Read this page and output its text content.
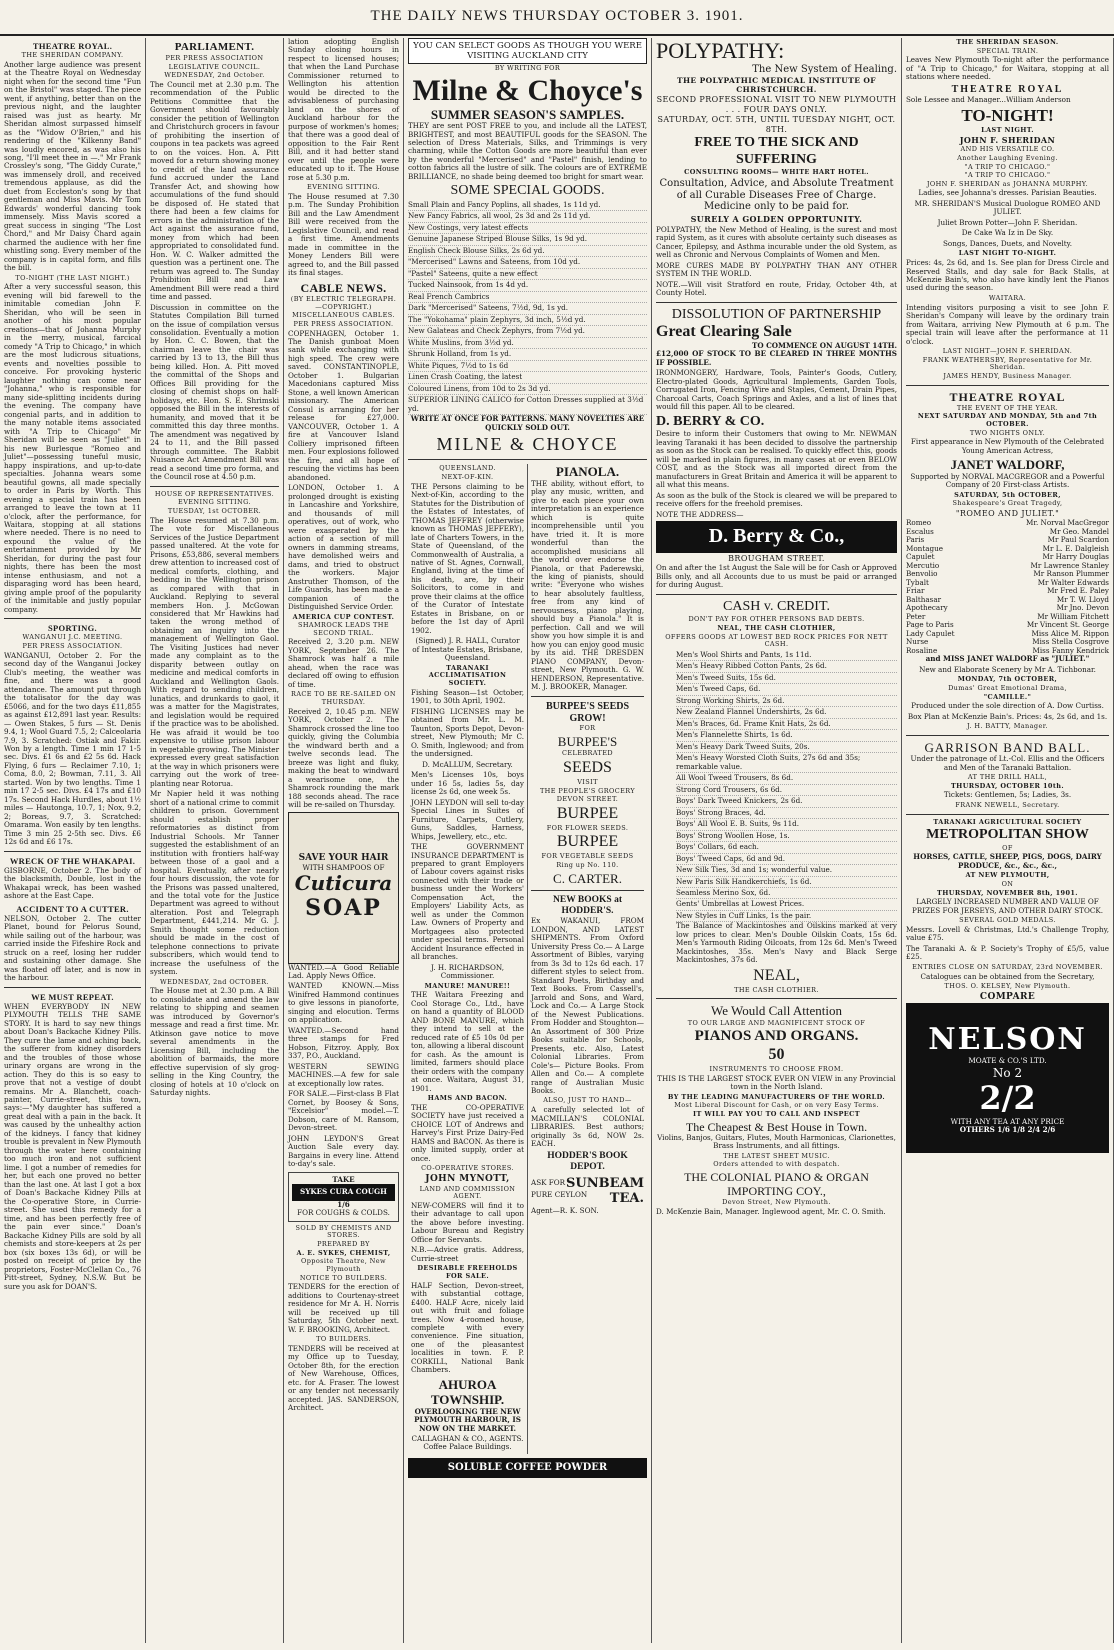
THE DAILY NEWS THURSDAY OCTOBER 3. 1901.
THEATRE ROYAL.
THE SHERIDAN COMPANY.

Another large audience was present at the Theatre Royal on Wednesday night when for the second time "Fun on the Bristol" was staged. The piece went, if anything, better than on the previous night, and the laughter raised was just as hearty. Mr Sheridan almost surpassed himself as the "Widow O'Brien," and his rendering of the "Kilkenny Band" was loudly encored, as was also his song, "I'll meet thee in —." Mr Frank Crossley's song, "The Giddy Curate," was immensely droll, and received tremendous applause, as did the duet from Eccleston's song by that gentleman and Miss Mavis. Mr Tom Edwards' wonderful dancing took immensely. Miss Mavis scored a great success in singing "The Lost Chord," and Mr Daisy Chard again charmed the audience with her fine whistling song. Every member of the company is in capital form, and fills the bill.

TO-NIGHT (THE LAST NIGHT.)

After a very successful season, this evening will bid farewell to the inimitable comedian John F. Sheridan, who will be seen in another of his most popular creations—that of Johanna Murphy in the merry, musical, farcical comedy "A Trip to Chicago," in which are the most ludicrous situations, events and novelties possible to conceive. For provoking hysteric laughter nothing can come near "Johanna," who is responsible for many side-splitting incidents during the evening. The company have congenial parts, and in addition to the many notable items associated with "A Trip to Chicago" Mr Sheridan will be seen as "Juliet" in his new Burlesque "Romeo and Juliet"—possessing tuneful music, happy inspirations, and up-to-date specialties. Johanna wears some beautiful gowns, all made specially to order in Paris by Worth. This evening a special train has been arranged to leave the town at 11 o'clock, after the performance, for Waitara, stopping at all stations where needed. There is no need to expound the value of the entertainment provided by Mr Sheridan, for during the past four nights, there has been the most intense enthusiasm, and not a disparaging word has been heard, giving ample proof of the popularity of the inimitable and justly popular company.

SPORTING.
WANGANUI J.C. MEETING.
PER PRESS ASSOCIATION.

WANGANUI, October 2. For the second day of the Wanganui Jockey Club's meeting, the weather was fine, and there was a good attendance. The amount put through the totalisator for the day was £5066, and for the two days £11,855 as against £12,891 last year. Results:— Owen Stakes, 5 furs — St. Denis 9.4, 1; Wool Guard 7.5, 2; Calceolaria 7.9, 3. Scratched: Ostiak and Fakir. Won by a length. Time 1 min 17 1-5 sec. Divs. £1 6s and £2 5s 6d. Hack Flying, 6 furs — Reclaimer 7.10, 1; Coma, 8.0, 2; Bowman, 7.11, 3. All started. Won by two lengths. Time 1 min 17 2-5 sec. Divs. £4 17s and £10 17s. Second Hack Hurdles, about 1½ miles — Hautonga, 10.7, 1; Nox, 9.2, 2; Boreas, 9.7, 3. Scratched: Omarama. Won easily by ten lengths. Time 3 min 25 2-5th sec. Divs. £6 12s 6d and £6 17s.

WRECK OF THE WHAKAPAI.

GISBORNE, October 2. The body of the blacksmith, Double, lost in the Whakapai wreck, has been washed ashore at the East Cape.

ACCIDENT TO A CUTTER.

NELSON, October 2. The cutter Planet, bound for Pelorus Sound, while sailing out of the harbour, was carried inside the Fifeshire Rock and struck on a reef, losing her rudder and sustaining other damage. She was floated off later, and is now in the harbour.

WE MUST REPEAT.

WHEN EVERYBODY IN NEW PLYMOUTH TELLS THE SAME STORY. It is hard to say new things about Doan's Backache Kidney Pills. They cure the lame and aching back, the sufferer from kidney disorders and the troubles of those whose urinary organs are wrong in the action. They do this is so easy to prove that not a vestige of doubt remains. Mr A. Blanchett, coach-painter, Currie-street, this town, says:—"My daughter has suffered a great deal with a pain in the back. It was caused by the unhealthy action of the kidneys. I fancy that kidney trouble is prevalent in New Plymouth through the water here containing too much iron and not sufficient lime. I got a number of remedies for her, but each one proved no better than the last one. At last I got a box of Doan's Backache Kidney Pills at the Co-operative Store, in Currie-street. She used this remedy for a time, and has been perfectly free of the pain ever since." Doan's Backache Kidney Pills are sold by all chemists and store-keepers at 2s per box (six boxes 13s 6d), or will be posted on receipt of price by the proprietors, Foster-McClellan Co., 76 Pitt-street, Sydney, N.S.W. But be sure you ask for DOAN'S.

PARLIAMENT.
PER PRESS ASSOCIATION
LEGISLATIVE COUNCIL.
WEDNESDAY, 2nd October.

The Council met at 2.30 p.m. The recommendation of the Public Petitions Committee that the Government should favourably consider the petition of Wellington and Christchurch grocers in favour of prohibiting the insertion of coupons in tea packets was agreed to on the voices. Hon. A. Pitt moved for a return showing money to credit of the land assurance fund accrued under the Land Transfer Act, and showing how accumulations of the fund should be disposed of. He stated that there had been a few claims for errors in the administration of the Act against the assurance fund, money from which had been appropriated to consolidated fund. Hon. W. C. Walker admitted the question was a pertinent one. The return was agreed to. The Sunday Prohibition Bill and Law Amendment Bill were read a third time and passed.

Discussion in committee on the Statutes Compilation Bill turned on the issue of compilation versus consolidation. Eventually a motion by Hon. C. C. Bowen, that the chairman leave the chair was carried by 13 to 13, the Bill thus being killed. Hon. A. Pitt moved the committal of the Shops and Offices Bill providing for the closing of chemist shops on half-holidays, etc. Hon. S. E. Shrimski opposed the Bill in the interests of humanity, and moved that it be committed this day three months. The amendment was negatived by 24 to 11, and the Bill passed through committee. The Rabbit Nuisance Act Amendment Bill was read a second time pro forma, and the Council rose at 4.50 p.m.

HOUSE OF REPRESENTATIVES.
EVENING SITTING.
TUESDAY, 1st OCTOBER.

The House resumed at 7.30 p.m. The vote for Miscellaneous Services of the Justice Department passed unaltered. At the vote for Prisons, £53,886, several members drew attention to increased cost of medical comforts, clothing, and bedding in the Wellington prison as compared with that in Auckland. Replying to several members Hon. J. McGowan considered that Mr Hawkins had taken the wrong method of obtaining an inquiry into the management of Wellington Gaol. The Visiting Justices had never made any complaint as to the disparity between outlay on medicine and medical comforts in Auckland and Wellington Gaols. With regard to sending children, lunatics, and drunkards to gaol, it was a matter for the Magistrates, and legislation would be required if the practice was to be abolished. He was afraid it would be too expensive to utilise prison labour in vegetable growing. The Minister expressed every great satisfaction at the way in which prisoners were carrying out the work of tree-planting near Rotorua.

Mr Napier held it was nothing short of a national crime to commit children to prison. Government should establish proper reformatories as distinct from Industrial Schools. Mr Tanner suggested the establishment of an institution with frontiers half-way between those of a gaol and a hospital. Eventually, after nearly four hours discussion, the vote for the Prisons was passed unaltered, and the total vote for the Justice Department was agreed to without alteration. Post and Telegraph Department, £441,214. Mr G. J. Smith thought some reduction should be made in the cost of telephone connections to private subscribers, which would tend to increase the usefulness of the system.

WEDNESDAY, 2nd OCTOBER.

The House met at 2.30 p.m. A Bill to consolidate and amend the law relating to shipping and seamen was introduced by Governor's message and read a first time. Mr. Atkinson gave notice to move several amendments in the Licensing Bill, including the abolition of barmaids, the more effective supervision of sly grog-selling in the King Country, the closing of hotels at 10 o'clock on Saturday nights.

lation adopting English Sunday closing hours in respect to licensed houses; that when the Land Purchase Commissioner returned to Wellington his attention would be directed to the advisableness of purchasing land on the shores of Auckland harbour for the purpose of workmen's homes; that there was a good deal of opposition to the Fair Rent Bill, and it had better stand over until the people were educated up to it. The House rose at 5.30 p.m.

EVENING SITTING.

The House resumed at 7.30 p.m. The Sunday Prohibition Bill and the Law Amendment Bill were received from the Legislative Council, and read a first time. Amendments made in committee in the Money Lenders Bill were agreed to, and the Bill passed its final stages.

CABLE NEWS.
(BY ELECTRIC TELEGRAPH.—COPYRIGHT.)
MISCELLANEOUS CABLES.
PER PRESS ASSOCIATION.

COPENHAGEN, October 1. The Danish gunboat Moen sank while exchanging with high speed. The crew were saved. CONSTANTINOPLE, October 1. Bulgarian Macedonians captured Miss Stone, a well known American missionary. The American Consul is arranging for her release for £27,000. VANCOUVER, October 1. A fire at Vancouver Island Colliery imprisoned fifteen men. Four explosions followed the fire, and all hope of rescuing the victims has been abandoned.

LONDON, October 1. A prolonged drought is existing in Lancashire and Yorkshire, and thousands of mill operatives, out of work, who were exasperated by the action of a section of mill owners in damming streams, have demolished weirs and dams, and tried to obstruct the workers. Major Anstruther Thomson, of the Life Guards, has been made a companion of the Distinguished Service Order.

AMERICA CUP CONTEST.
SHAMROCK LEADS THE SECOND TRIAL.

Received 2, 3.20 p.m. NEW YORK, September 26. The Shamrock was half a mile ahead, when the race was declared off owing to effusion of time.

RACE TO BE RE-SAILED ON THURSDAY.

Received 2, 10.45 p.m. NEW YORK, October 2. The Shamrock crossed the line too quickly, giving the Columbia the windward berth and a twelve seconds lead. The breeze was light and fluky, making the beat to windward a wearisome one, the Shamrock rounding the mark 188 seconds ahead. The race will be re-sailed on Thursday.

SAVE YOUR HAIR
WITH SHAMPOOS OF
Cuticura
SOAP

WANTED.—A Good Reliable Lad. Apply News Office.

WANTED KNOWN.—Miss Winifred Hammond continues to give lessons in pianoforte, singing and elocution. Terms on application.

WANTED.—Second hand three stamps for Fred Hobson, Fitzroy. Apply, Box 337, P.O., Auckland.

WESTERN SEWING MACHINES.—A few for sale at exceptionally low rates.

FOR SALE.—First-class B Flat Cornet, by Boosey & Sons, "Excelsior" model.—T. Dobson, care of M. Ransom, Devon-street.

JOHN LEYDON'S Great Auction Sale every day. Bargains in every line. Attend to-day's sale.

TAKE
SYKES CURA COUGH
1/6
FOR COUGHS & COLDS.
SOLD BY CHEMISTS AND STORES.
PREPARED BY
A. E. SYKES, CHEMIST,
Opposite Theatre, New Plymouth
NOTICE TO BUILDERS.

TENDERS for the erection of additions to Courtenay-street residence for Mr A. H. Norris will be received up till Saturday, 5th October next. W. F. BROOKING, Architect.

TO BUILDERS.

TENDERS will be received at my Office up to Tuesday, October 8th, for the erection of New Warehouse, Offices, etc. for A. Fraser. The lowest or any tender not necessarily accepted. JAS. SANDERSON, Architect.

YOU CAN SELECT GOODS AS THOUGH YOU WERE VISITING AUCKLAND CITY
BY WRITING FOR
Milne & Choyce's
SUMMER SEASON'S SAMPLES.

THEY are sent POST FREE to you, and include all the LATEST, BRIGHTEST, and most BEAUTIFUL goods for the SEASON. The selection of Dress Materials, Silks, and Trimmings is very charming, while the Cotton Goods are more beautiful than ever by the wonderful "Mercerised" and "Pastel" finish, lending to cotton fabrics all the lustre of silk. The colours are of EXTREME BRILLIANCE, no shade being deemed too bright for smart wear.

SOME SPECIAL GOODS.
Small Plain and Fancy Poplins, all shades, 1s 11d yd.
New Fancy Fabrics, all wool, 2s 3d and 2s 11d yd.
New Costings, very latest effects
Genuine Japanese Striped Blouse Silks, 1s 9d yd.
English Check Blouse Silks, 2s 6d yd.
"Mercerised" Lawns and Sateens, from 10d yd.
"Pastel" Sateens, quite a new effect
Tucked Nainsook, from 1s 4d yd.
Real French Cambrics
Dark "Mercerised" Sateens, 7½d, 9d, 1s yd.
The "Yokohama" plain Zephyrs, 3d inch, 5½d yd.
New Galateas and Check Zephyrs, from 7½d yd.
White Muslins, from 3½d yd.
Shrunk Holland, from 1s yd.
White Piques, 7½d to 1s 6d
Linen Crash Coating, the latest
Coloured Linens, from 10d to 2s 3d yd.
SUPERIOR LINING CALICO for Cotton Dresses supplied at 3½d yd.

WRITE AT ONCE FOR PATTERNS. MANY NOVELTIES ARE QUICKLY SOLD OUT.

MILNE & CHOYCE
QUEENSLAND.
NEXT-OF-KIN.

THE Persons claiming to be Next-of-Kin, according to the Statutes for the Distribution of the Estates of Intestates, of THOMAS JEFFREY (otherwise known as THOMAS JEFFERY), late of Charters Towers, in the State of Queensland, of the Commonwealth of Australia, a native of St. Agnes, Cornwall, England, living at the time of his death, are, by their Solicitors, to come in and prove their claims at the office of the Curator of Intestate Estates in Brisbane, on or before the 1st day of April 1902.

(Signed) J. R. HALL, Curator of Intestate Estates, Brisbane, Queensland.

TARANAKI ACCLIMATISATION SOCIETY.

Fishing Season—1st October, 1901, to 30th April, 1902.

FISHING LICENSES may be obtained from Mr. L. M. Taunton, Sports Depot, Devon-street, New Plymouth; Mr C. O. Smith, Inglewood; and from the undersigned.

D. McALLUM, Secretary.

Men's Licenses 10s, boys under 16 5s, ladies 5s, day license 2s 6d, one week 5s.

JOHN LEYDON will sell to-day Special Lines in Suites of Furniture, Carpets, Cutlery, Guns, Saddles, Harness, Whips, Jewellery, etc., etc.

THE GOVERNMENT INSURANCE DEPARTMENT is prepared to grant Employers of Labour covers against risks connected with their trade or business under the Workers' Compensation Act, the Employers' Liability Acts, as well as under the Common Law. Owners of Property and Mortgagees also protected under special terms. Personal Accident Insurance effected in all branches.

J. H. RICHARDSON, Commissioner.

MANURE! MANURE!!

THE Waitara Freezing and Cool Storage Co., Ltd., have on hand a quantity of BLOOD AND BONE MANURE, which they intend to sell at the reduced rate of £5 10s 0d per ton, allowing a liberal discount for cash. As the amount is limited, farmers should place their orders with the company at once. Waitara, August 31, 1901.

HAMS AND BACON.

THE CO-OPERATIVE SOCIETY have just received a CHOICE LOT of Andrews and Harvey's First Prize Dairy-Fed HAMS and BACON. As there is only limited supply, order at once.

CO-OPERATIVE STORES.
JOHN MYNOTT,
LAND AND COMMISSION AGENT.

NEW-COMERS will find it to their advantage to call upon the above before investing. Labour Bureau and Registry Office for Servants.

N.B.—Advice gratis. Address, Currie-street

DESIRABLE FREEHOLDS FOR SALE.

HALF Section, Devon-street, with substantial cottage, £400. HALF Acre, nicely laid out with fruit and foliage trees. Now 4-roomed house, complete with every convenience. Fine situation, one of the pleasantest localities in town. F. P. CORKILL, National Bank Chambers.

AHUROA TOWNSHIP.

OVERLOOKING THE NEW PLYMOUTH HARBOUR, IS NOW ON THE MARKET.

CALLAGHAN & CO., AGENTS. Coffee Palace Buildings.

PIANOLA.

THE ability, without effort, to play any music, written, and give to each piece your own interpretation is an experience which is quite incomprehensible until you have tried it. It is more wonderful than the accomplished musicians all the world over endorse the Pianola, or that Paderewski, the king of pianists, should write: "Everyone who wishes to hear absolutely faultless, free from any kind of nervousness, piano playing, should buy a Pianola." It is perfection. Call and we will show you how simple it is and how you can enjoy good music by its aid. THE DRESDEN PIANO COMPANY, Devon-street, New Plymouth. G. W. HENDERSON, Representative. M. J. BROOKER, Manager.

BURPEE'S SEEDS GROW!
FOR
BURPEE'S
CELEBRATED
SEEDS
VISIT
THE PEOPLE'S GROCERY
DEVON STREET.
BURPEE
FOR FLOWER SEEDS.
BURPEE
FOR VEGETABLE SEEDS
Ring up No. 110.
C. CARTER.
NEW BOOKS at HODDER'S.

Ex WAKANUI, FROM LONDON, AND LATEST SHIPMENTS. From Oxford University Press Co.— A Large Assortment of Bibles, varying from 3s 3d to 12s 6d each. 17 different styles to select from. Standard Poets, Birthday and Text Books. From Cassell's, Jarrold and Sons, and Ward, Lock and Co.— A Large Stock of the Newest Publications. From Hodder and Stoughton— An Assortment of 300 Prize Books suitable for Schools, Presents, etc. Also, Latest Colonial Libraries. From Cole's— Picture Books. From Allen and Co.— A complete range of Australian Music Books.

ALSO, JUST TO HAND—

A carefully selected lot of MACMILLAN'S COLONIAL LIBRARIES. Best authors; originally 3s 6d, NOW 2s. EACH.

HODDER'S BOOK DEPOT.
ASK FOR SUNBEAM
PURE CEYLON TEA.
Agent—R. K. SON.
SOLUBLE COFFEE POWDER
POLYPATHY:
The New System of Healing.
THE POLYPATHIC MEDICAL INSTITUTE OF CHRISTCHURCH.
SECOND PROFESSIONAL VISIT TO NEW PLYMOUTH . . . FOUR DAYS ONLY.
SATURDAY, OCT. 5TH, UNTIL TUESDAY NIGHT, OCT. 8TH.
FREE TO THE SICK AND SUFFERING
CONSULTING ROOMS— WHITE HART HOTEL.

Consultation, Advice, and Absolute Treatment of all Curable Diseases Free of Charge. Medicine only to be paid for.

SURELY A GOLDEN OPPORTUNITY.

POLYPATHY, the New Method of Healing, is the surest and most rapid System, as it cures with absolute certainty such diseases as Cancer, Epilepsy, and Asthma incurable under the old System, as well as Chronic and Nervous Complaints of Women and Men.

MORE CURES MADE BY POLYPATHY THAN ANY OTHER SYSTEM IN THE WORLD.

NOTE.—Will visit Stratford en route, Friday, October 4th, at County Hotel.

DISSOLUTION OF PARTNERSHIP
Great Clearing Sale
TO COMMENCE ON AUGUST 14TH.

£12,000 OF STOCK TO BE CLEARED IN THREE MONTHS IF POSSIBLE.

IRONMONGERY, Hardware, Tools, Painter's Goods, Cutlery, Electro-plated Goods, Agricultural Implements, Garden Tools, Corrugated Iron, Fencing Wire and Staples, Cement, Drain Pipes, Charcoal Carts, Coach Springs and Axles, and a list of lines that would fill this paper. All to be cleared.

D. BERRY & CO.

Desire to inform their Customers that owing to Mr. NEWMAN leaving Taranaki it has been decided to dissolve the partnership as soon as the Stock can be realised. To quickly effect this, goods will be marked in plain figures, in many cases at or even BELOW COST, and as the Stock was all imported direct from the manufacturers in Great Britain and America it will be apparent to all what this means.

As soon as the bulk of the Stock is cleared we will be prepared to receive offers for the freehold premises.

NOTE THE ADDRESS—

D. Berry & Co.,
BROUGHAM STREET.

On and after the 1st August the Sale will be for Cash or Approved Bills only, and all Accounts due to us must be paid or arranged for during August.

CASH v. CREDIT.
DON'T PAY FOR OTHER PERSONS BAD DEBTS.
NEAL, THE CASH CLOTHIER,
OFFERS GOODS AT LOWEST BED ROCK PRICES FOR NETT CASH.
Men's Wool Shirts and Pants, 1s 11d.
Men's Heavy Ribbed Cotton Pants, 2s 6d.
Men's Tweed Suits, 15s 6d.
Men's Tweed Caps, 6d.
Strong Working Shirts, 2s 6d.
New Zealand Flannel Undershirts, 2s 6d.
Men's Braces, 6d. Frame Knit Hats, 2s 6d.
Men's Flannelette Shirts, 1s 6d.
Men's Heavy Dark Tweed Suits, 20s.
Men's Heavy Worsted Cloth Suits, 27s 6d and 35s; remarkable value.
All Wool Tweed Trousers, 8s 6d.
Strong Cord Trousers, 6s 6d.
Boys' Dark Tweed Knickers, 2s 6d.
Boys' Strong Braces, 4d.
Boys' All Wool E. B. Suits, 9s 11d.
Boys' Strong Woollen Hose, 1s.
Boys' Collars, 6d each.
Boys' Tweed Caps, 6d and 9d.
New Silk Ties, 3d and 1s; wonderful value.
New Paris Silk Handkerchiefs, 1s 6d.
Seamless Merino Sox, 6d.
Gents' Umbrellas at Lowest Prices.
New Styles in Cuff Links, 1s the pair.

The Balance of Mackintoshes and Oilskins marked at very low prices to clear. Men's Double Oilskin Coats, 15s 6d. Men's Yarmouth Riding Oilcoats, from 12s 6d. Men's Tweed Mackintoshes, 35s. Men's Navy and Black Serge Mackintoshes, 37s 6d.

NEAL,
THE CASH CLOTHIER.
We Would Call Attention
TO OUR LARGE AND MAGNIFICENT STOCK OF
PIANOS AND ORGANS.
50
INSTRUMENTS TO CHOOSE FROM.

THIS IS THE LARGEST STOCK EVER ON VIEW in any Provincial town in the North Island.

BY THE LEADING MANUFACTURERS OF THE WORLD.
Most Liberal Discount for Cash, or on very Easy Terms.
IT WILL PAY YOU TO CALL AND INSPECT
The Cheapest & Best House in Town.

Violins, Banjos, Guitars, Flutes, Mouth Harmonicas, Clarionettes, Brass Instruments, and all fittings.

THE LATEST SHEET MUSIC.
Orders attended to with despatch.
THE COLONIAL PIANO & ORGAN IMPORTING COY.,
Devon Street, New Plymouth.

D. McKenzie Bain, Manager. Inglewood agent, Mr. C. O. Smith.

THE SHERIDAN SEASON.
SPECIAL TRAIN.

Leaves New Plymouth To-night after the performance of "A Trip to Chicago," for Waitara, stopping at all stations where needed.

THEATRE ROYAL

Sole Lessee and Manager...William Anderson

TO-NIGHT!
LAST NIGHT.
JOHN F. SHERIDAN
AND HIS VERSATILE CO.
Another Laughing Evening.
"A TRIP TO CHICAGO."
"A TRIP TO CHICAGO."
JOHN F. SHERIDAN as JOHANNA MURPHY.

Ladies, see Johanna's dresses. Parisian Beauties.

MR. SHERIDAN'S Musical Duologue ROMEO AND JULIET.

Juliet Brown Potter—John F. Sheridan.

De Cake Wa Iz in De Sky.

Songs, Dances, Duets, and Novelty.

LAST NIGHT TO-NIGHT.

Prices: 4s, 2s 6d, and 1s. See plan for Dress Circle and Reserved Stalls, and day sale for Back Stalls, at McKenzie Bain's, who also have kindly lent the Pianos used during the season.

WAITARA.

Intending visitors purposing a visit to see John F. Sheridan's Company will leave by the ordinary train from Waitara, arriving New Plymouth at 6 p.m. The special train will leave after the performance at 11 o'clock.

LAST NIGHT—JOHN F. SHERIDAN.
FRANK WEATHERSBY, Representative for Mr. Sheridan.
JAMES HENDY, Business Manager.
THEATRE ROYAL
THE EVENT OF THE YEAR.
NEXT SATURDAY AND MONDAY, 5th and 7th OCTOBER.
TWO NIGHTS ONLY.

First appearance in New Plymouth of the Celebrated Young American Actress,

JANET WALDORF,

Supported by NORVAL MACGREGOR and a Powerful Company of 20 First-class Artists.

SATURDAY, 5th OCTOBER,
Shakespeare's Great Tragedy,
"ROMEO AND JULIET."
Romeo	Mr. Norval MacGregor
Escalus	Mr Geo. Mandel
Paris	Mr Paul Scardon
Montague	Mr L. E. Dalgleish
Capulet	Mr Harry Douglas
Mercutio	Mr Lawrence Stanley
Benvolio	Mr Ranson Plummer
Tybalt	Mr Walter Edwards
Friar	Mr Fred E. Paley
Balthasar	Mr T. W. Lloyd
Apothecary	Mr Jno. Devon
Peter	Mr William Fitchett
Page to Paris	Mr Vincent St. George
Lady Capulet	Miss Alice M. Rippon
Nurse	Miss Stella Cosgrove
Rosaline	Miss Fanny Kendrick

and MISS JANET WALDORF as "JULIET."

New and Elaborate Scenery by Mr A. Tichbonar.

MONDAY, 7th OCTOBER,
Dumas' Great Emotional Drama,
"CAMILLE."

Produced under the sole direction of A. Dow Curtiss.

Box Plan at McKenzie Bain's. Prices: 4s, 2s 6d, and 1s.

J. H. BATTY, Manager.
GARRISON BAND BALL.

Under the patronage of Lt.-Col. Ellis and the Officers and Men of the Taranaki Battalion.

AT THE DRILL HALL,
THURSDAY, OCTOBER 10th.

Tickets: Gentlemen, 5s; Ladies, 3s.

FRANK NEWELL, Secretary.
TARANAKI AGRICULTURAL SOCIETY
METROPOLITAN SHOW
OF

HORSES, CATTLE, SHEEP, PIGS, DOGS, DAIRY PRODUCE, &c., &c., &c.,

AT NEW PLYMOUTH,
ON
THURSDAY, NOVEMBER 8th, 1901.

LARGELY INCREASED NUMBER AND VALUE OF PRIZES FOR JERSEYS, AND OTHER DAIRY STOCK.

SEVERAL GOLD MEDALS.

Messrs. Lovell & Christmas, Ltd.'s Challenge Trophy, value £75.

The Taranaki A. & P. Society's Trophy of £5/5, value £25.

ENTRIES CLOSE ON SATURDAY, 23rd NOVEMBER.

Catalogues can be obtained from the Secretary,

THOS. O. KELSEY, New Plymouth.
COMPARE
NELSON
MOATE & CO.'S LTD.
No 2
2/2
WITH ANY TEA AT ANY PRICE
OTHERS 1/6 1/8 2/4 2/6
